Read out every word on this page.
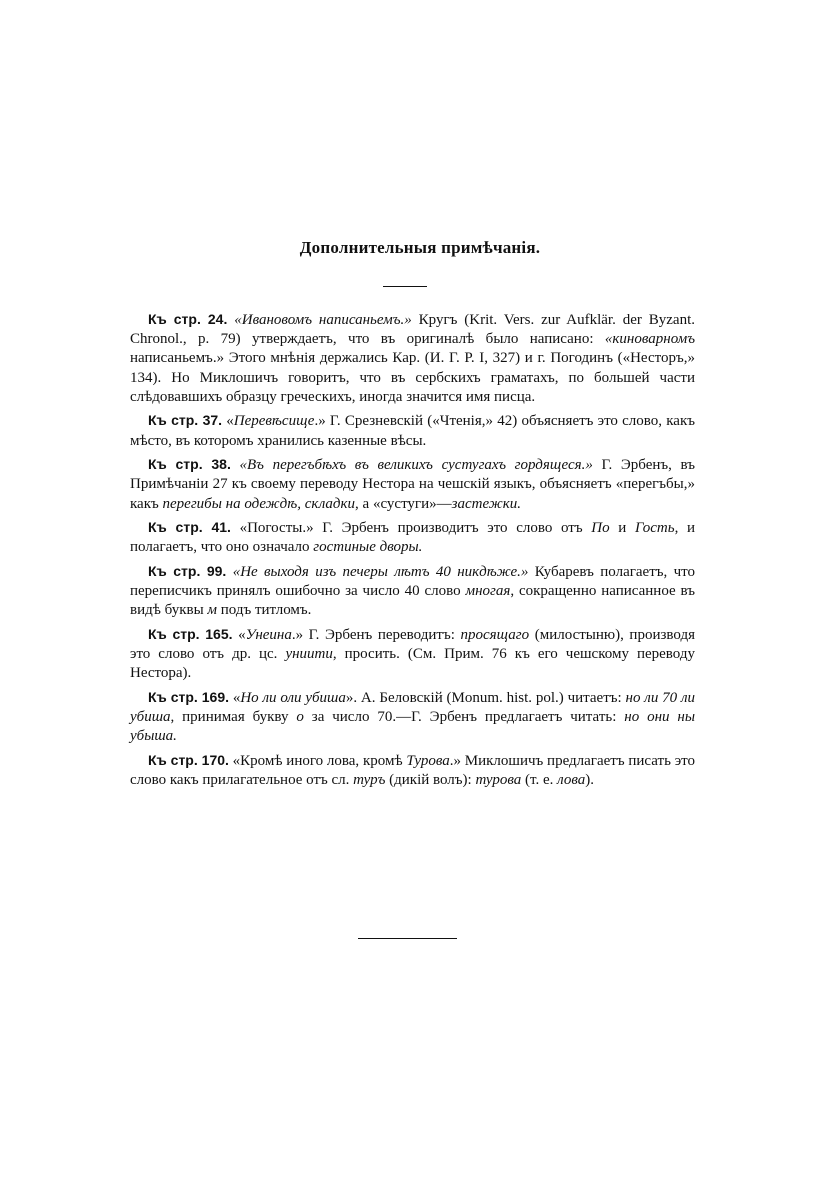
Дополнительныя примѣчанія.

Къ стр. 24. «Ивановомъ написаньемъ.» Кругъ (Krit. Vers. zur Aufklär. der Byzant. Chronol., p. 79) утверждаетъ, что въ оригиналѣ было написано: «киноварномъ написаньемъ.» Этого мнѣнія держались Кар. (И. Г. Р. I, 327) и г. Погодинъ («Несторъ,» 134). Но Миклошичъ говоритъ, что въ сербскихъ граматахъ, по большей части слѣдовавшихъ образцу греческихъ, иногда значится имя писца.

Къ стр. 37. «Перевѣсище.» Г. Срезневскій («Чтенія,» 42) объясняетъ это слово, какъ мѣсто, въ которомъ хранились казенные вѣсы.

Къ стр. 38. «Въ перегъбѣхъ въ великихъ сустугахъ гордящеся.» Г. Эрбенъ, въ Примѣчаніи 27 къ своему переводу Нестора на чешскій языкъ, объясняетъ «перегъбы,» какъ перегибы на одеждѣ, складки, а «сустуги»—застежки.

Къ стр. 41. «Погосты.» Г. Эрбенъ производитъ это слово отъ По и Гость, и полагаетъ, что оно означало гостиные дворы.

Къ стр. 99. «Не выходя изъ печеры лѣтъ 40 никдѣже.» Кубаревъ полагаетъ, что переписчикъ принялъ ошибочно за число 40 слово многая, сокращенно написанное въ видѣ буквы м подъ титломъ.

Къ стр. 165. «Унеина.» Г. Эрбенъ переводитъ: просящаго (милостыню), производя это слово отъ др. цс. униити, просить. (См. Прим. 76 къ его чешскому переводу Нестора).

Къ стр. 169. «Но ли оли убиша». А. Беловскій (Monum. hist. pol.) читаетъ: но ли 70 ли убиша, принимая букву о за число 70.—Г. Эрбенъ предлагаетъ читать: но они ны убыша.

Къ стр. 170. «Кромѣ иного лова, кромѣ Турова.» Миклошичъ предлагаетъ писать это слово какъ прилагательное отъ сл. туръ (дикій волъ): турова (т. е. лова).
